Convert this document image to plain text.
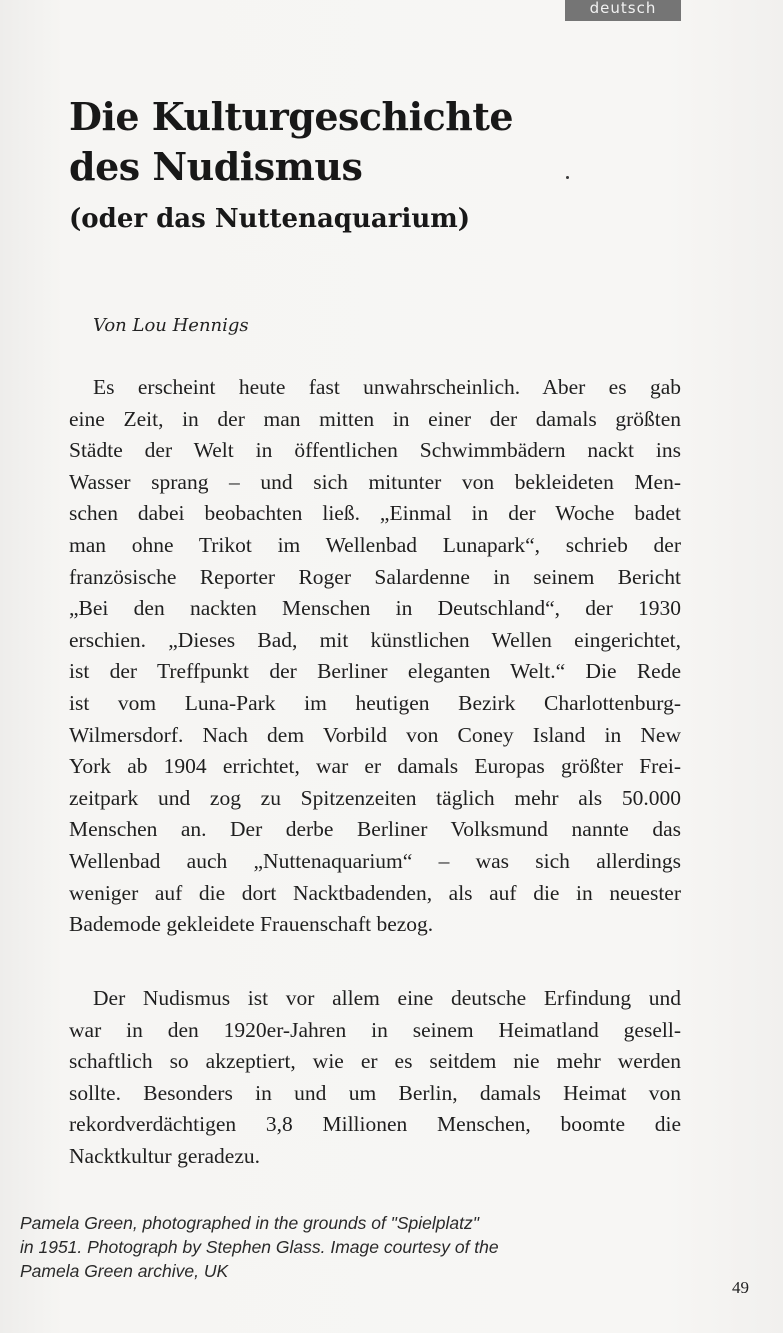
deutsch
Die Kulturgeschichte
des Nudismus
(oder das Nuttenaquarium)

Von Lou Hennigs

Es erscheint heute fast unwahrscheinlich. Aber es gab
eine Zeit, in der man mitten in einer der damals größten
Städte der Welt in öffentlichen Schwimmbädern nackt ins
Wasser sprang – und sich mitunter von bekleideten Men-
schen dabei beobachten ließ. „Einmal in der Woche badet
man ohne Trikot im Wellenbad Lunapark“, schrieb der
französische Reporter Roger Salardenne in seinem Bericht
„Bei den nackten Menschen in Deutschland“, der 1930
erschien. „Dieses Bad, mit künstlichen Wellen eingerichtet,
ist der Treffpunkt der Berliner eleganten Welt.“ Die Rede
ist vom Luna-Park im heutigen Bezirk Charlottenburg-
Wilmersdorf. Nach dem Vorbild von Coney Island in New
York ab 1904 errichtet, war er damals Europas größter Frei-
zeitpark und zog zu Spitzenzeiten täglich mehr als 50.000
Menschen an. Der derbe Berliner Volksmund nannte das
Wellenbad auch „Nuttenaquarium“ – was sich allerdings
weniger auf die dort Nacktbadenden, als auf die in neuester
Bademode gekleidete Frauenschaft bezog.
Der Nudismus ist vor allem eine deutsche Erfindung und
war in den 1920er-Jahren in seinem Heimatland gesell-
schaftlich so akzeptiert, wie er es seitdem nie mehr werden
sollte. Besonders in und um Berlin, damals Heimat von
rekordverdächtigen 3,8 Millionen Menschen, boomte die
Nacktkultur geradezu.

Pamela Green, photographed in the grounds of "Spielplatz"
in 1951. Photograph by Stephen Glass. Image courtesy of the
Pamela Green archive, UK

49
